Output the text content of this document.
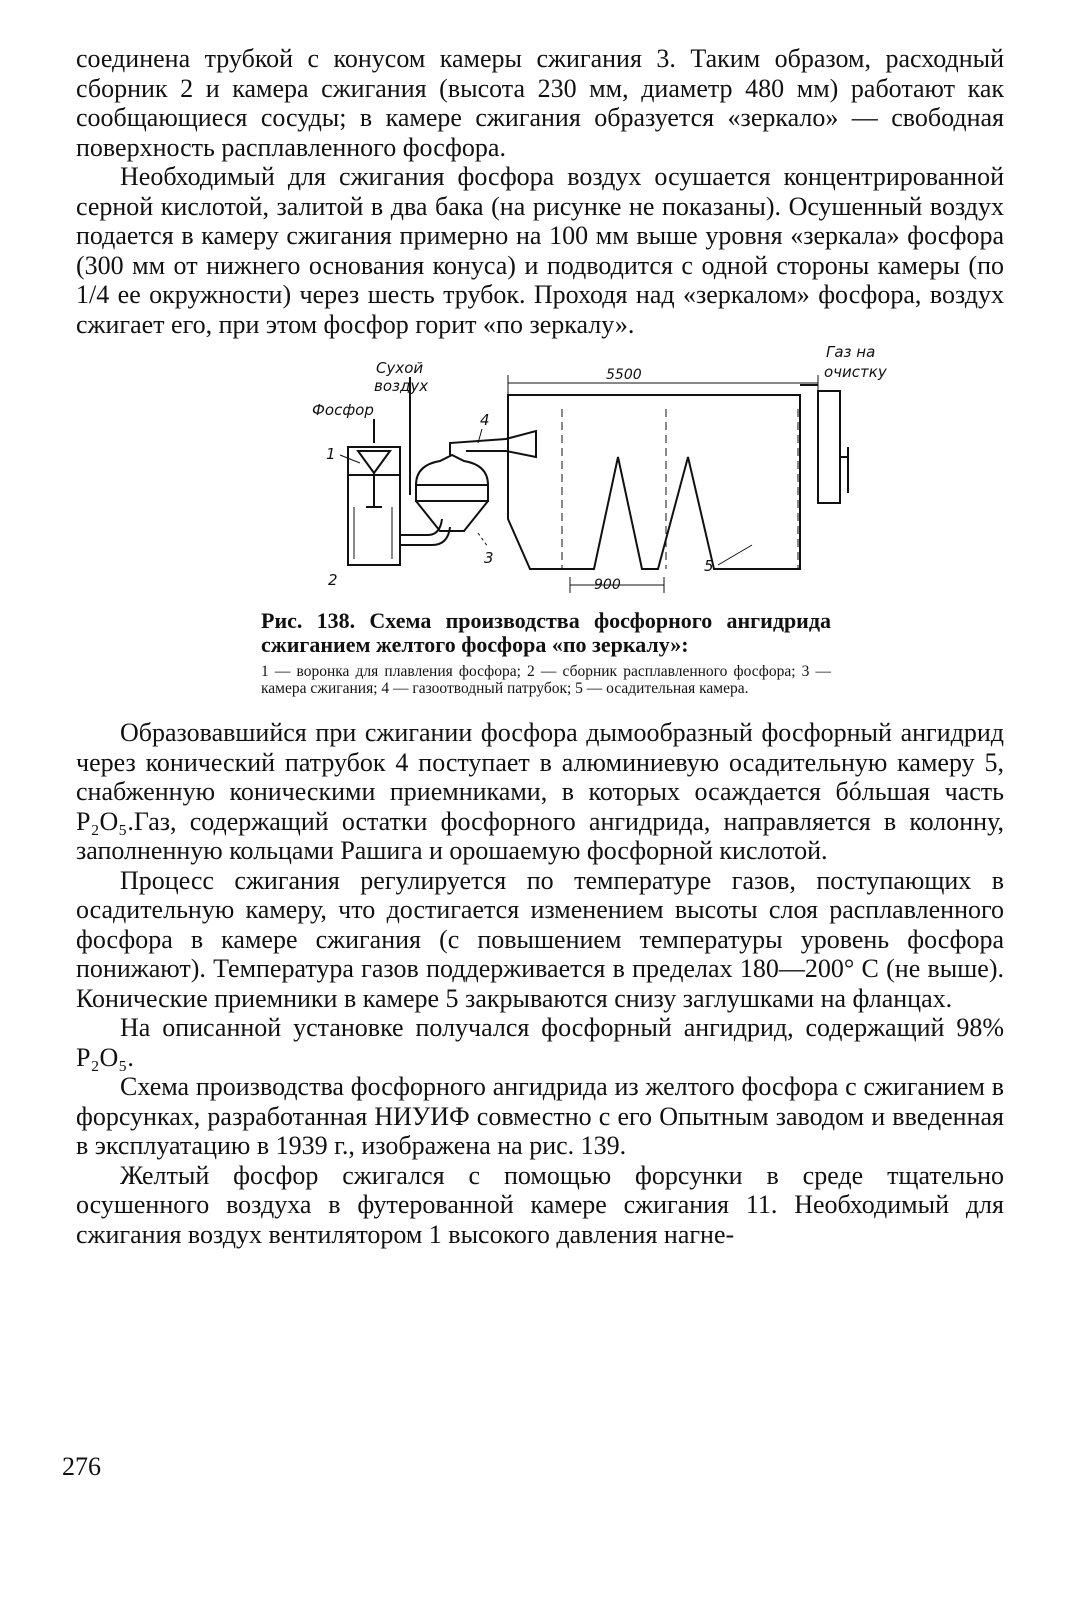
соединена трубкой с конусом камеры сжигания 3. Таким образом, расходный сборник 2 и камера сжигания (высота 230 мм, диаметр 480 мм) работают как сообщающиеся сосуды; в камере сжигания образуется «зеркало» — свободная поверхность расплавленного фосфора.

Необходимый для сжигания фосфора воздух осушается концентрированной серной кислотой, залитой в два бака (на рисунке не показаны). Осушенный воздух подается в камеру сжигания примерно на 100 мм выше уровня «зеркала» фосфора (300 мм от нижнего основания конуса) и подводится с одной стороны камеры (по 1/4 ее окружности) через шесть трубок. Проходя над «зеркалом» фосфора, воздух сжигает его, при этом фосфор горит «по зеркалу».

Сухой
воздух
Фосфор
Газ на
очистку
5500
900
1
2
3
4
5

Рис. 138. Схема производства фосфорного ангидрида сжиганием желтого фосфора «по зеркалу»:

1 — воронка для плавления фосфора; 2 — сборник расплавленного фосфора; 3 — камера сжигания; 4 — газоотводный патрубок; 5 — осадительная камера.

Образовавшийся при сжигании фосфора дымообразный фосфорный ангидрид через конический патрубок 4 поступает в алюминиевую осадительную камеру 5, снабженную коническими приемниками, в которых осаждается бóльшая часть P₂O₅.Газ, содержащий остатки фосфорного ангидрида, направляется в колонну, заполненную кольцами Рашига и орошаемую фосфорной кислотой.

Процесс сжигания регулируется по температуре газов, поступающих в осадительную камеру, что достигается изменением высоты слоя расплавленного фосфора в камере сжигания (с повышением температуры уровень фосфора понижают). Температура газов поддерживается в пределах 180—200° С (не выше). Конические приемники в камере 5 закрываются снизу заглушками на фланцах.

На описанной установке получался фосфорный ангидрид, содержащий 98% P₂O₅.

Схема производства фосфорного ангидрида из желтого фосфора с сжиганием в форсунках, разработанная НИУИФ совместно с его Опытным заводом и введенная в эксплуатацию в 1939 г., изображена на рис. 139.

Желтый фосфор сжигался с помощью форсунки в среде тщательно осушенного воздуха в футерованной камере сжигания 11. Необходимый для сжигания воздух вентилятором 1 высокого давления нагне-

276
